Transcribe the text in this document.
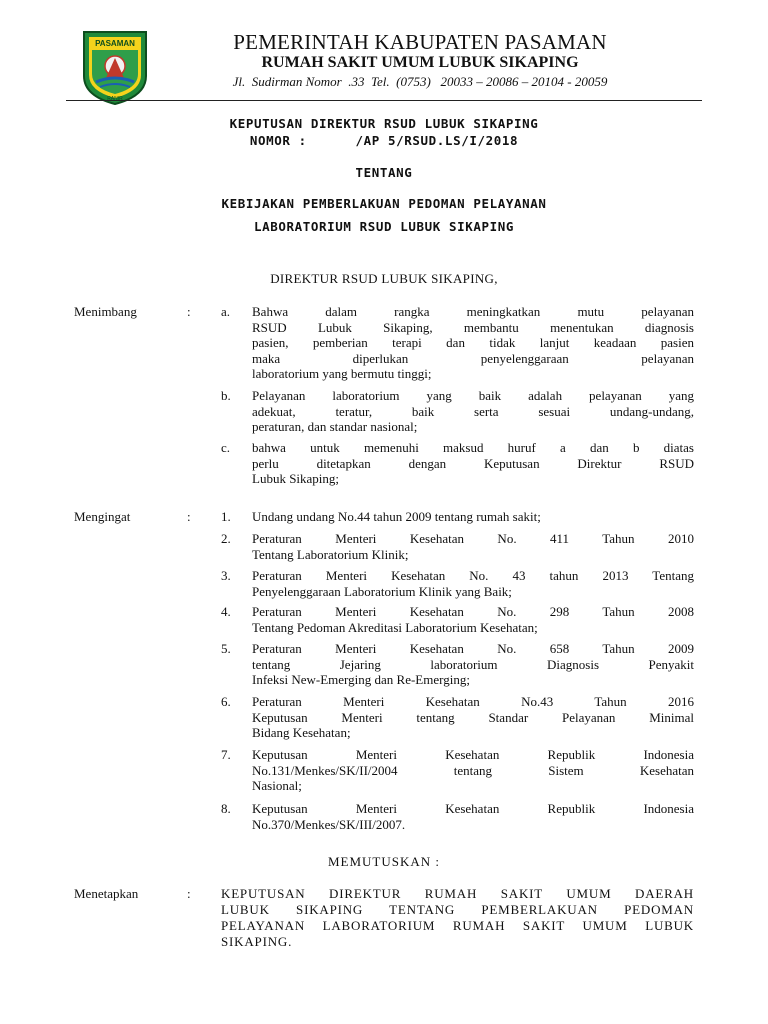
PASAMAN
RANIR
PEMERINTAH KABUPATEN PASAMAN
RUMAH SAKIT UMUM LUBUK SIKAPING
Jl.  Sudirman Nomor  .33  Tel.  (0753)   20033 – 20086 – 20104 - 20059
KEPUTUSAN DIREKTUR RSUD LUBUK SIKAPING
NOMOR :      /AP 5/RSUD.LS/I/2018
TENTANG
KEBIJAKAN PEMBERLAKUAN PEDOMAN PELAYANAN
LABORATORIUM RSUD LUBUK SIKAPING
DIREKTUR RSUD LUBUK SIKAPING,
Menimbang	: a. Bahwa dalam rangka meningkatkan mutu pelayanan
RSUD Lubuk Sikaping, membantu menentukan diagnosis
pasien, pemberian terapi dan tidak lanjut keadaan pasien
maka diperlukan penyelenggaraan pelayanan
laboratorium yang bermutu tinggi;
b. Pelayanan laboratorium yang baik adalah pelayanan yang
adekuat, teratur, baik serta sesuai undang-undang,
peraturan, dan standar nasional;
c. bahwa untuk memenuhi maksud huruf a dan b diatas
perlu ditetapkan dengan Keputusan Direktur RSUD
Lubuk Sikaping;
Mengingat	: 1. Undang undang No.44 tahun 2009 tentang rumah sakit;
2. Peraturan Menteri Kesehatan No. 411 Tahun 2010
Tentang Laboratorium Klinik;
3. Peraturan Menteri Kesehatan No. 43 tahun 2013 Tentang
Penyelenggaraan Laboratorium Klinik yang Baik;
4. Peraturan Menteri Kesehatan No. 298 Tahun 2008
Tentang Pedoman Akreditasi Laboratorium Kesehatan;
5. Peraturan Menteri Kesehatan No. 658 Tahun 2009
tentang Jejaring laboratorium Diagnosis Penyakit
Infeksi New-Emerging dan Re-Emerging;
6. Peraturan Menteri Kesehatan No.43 Tahun 2016
Keputusan Menteri tentang Standar Pelayanan Minimal
Bidang Kesehatan;
7. Keputusan Menteri Kesehatan Republik Indonesia
No.131/Menkes/SK/II/2004 tentang Sistem Kesehatan
Nasional;
8. Keputusan Menteri Kesehatan Republik Indonesia
No.370/Menkes/SK/III/2007.
MEMUTUSKAN :
Menetapkan	: KEPUTUSAN DIREKTUR RUMAH SAKIT UMUM DAERAH
LUBUK SIKAPING TENTANG PEMBERLAKUAN PEDOMAN
PELAYANAN LABORATORIUM RUMAH SAKIT UMUM LUBUK
SIKAPING.
